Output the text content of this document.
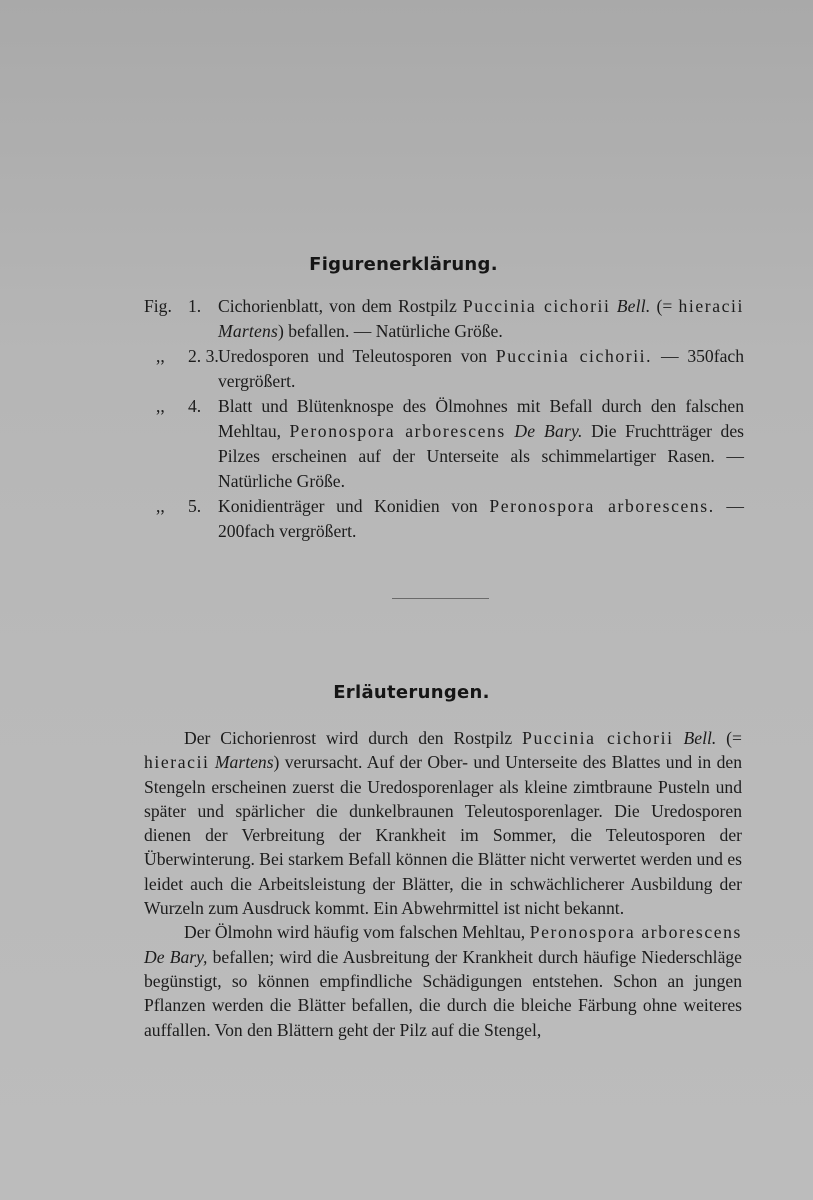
Figurenerklärung.
Fig. 1. Cichorienblatt, von dem Rostpilz Puccinia cichorii Bell. (= hieracii Martens) befallen. — Natürliche Größe.
,,	2. 3. Uredosporen und Teleutosporen von Puccinia cichorii. — 350fach vergrößert.
,,	4. Blatt und Blütenknospe des Ölmohnes mit Befall durch den falschen Mehltau, Peronospora arborescens De Bary. Die Fruchtträger des Pilzes erscheinen auf der Unterseite als schimmelartiger Rasen. — Natürliche Größe.
,,	5. Konidienträger und Konidien von Peronospora arborescens. — 200fach vergrößert.
Erläuterungen.

Der Cichorienrost wird durch den Rostpilz Puccinia cichorii Bell. (= hieracii Martens) verursacht. Auf der Ober- und Unterseite des Blattes und in den Stengeln erscheinen zuerst die Uredosporenlager als kleine zimtbraune Pusteln und später und spärlicher die dunkelbraunen Teleutosporenlager. Die Uredosporen dienen der Verbreitung der Krankheit im Sommer, die Teleutosporen der Überwinterung. Bei starkem Befall können die Blätter nicht verwertet werden und es leidet auch die Arbeitsleistung der Blätter, die in schwächlicherer Ausbildung der Wurzeln zum Ausdruck kommt. Ein Abwehrmittel ist nicht bekannt.

Der Ölmohn wird häufig vom falschen Mehltau, Peronospora arborescens De Bary, befallen; wird die Ausbreitung der Krankheit durch häufige Niederschläge begünstigt, so können empfindliche Schädigungen entstehen. Schon an jungen Pflanzen werden die Blätter befallen, die durch die bleiche Färbung ohne weiteres auffallen. Von den Blättern geht der Pilz auf die Stengel,
